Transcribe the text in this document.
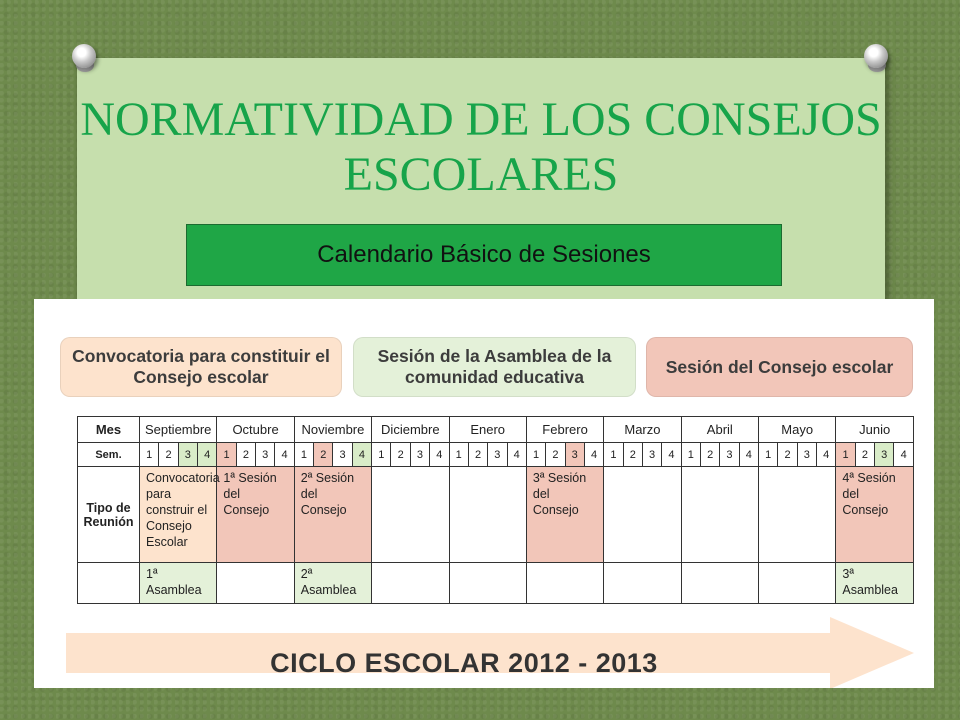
NORMATIVIDAD DE LOS CONSEJOS ESCOLARES
Calendario Básico de Sesiones
Convocatoria para constituir el Consejo escolar
Sesión de la Asamblea de la comunidad educativa
Sesión del Consejo escolar
Mes	Septiembre				Octubre				Noviembre				Diciembre				Enero				Febrero				Marzo				Abril				Mayo				Junio			
Sem.	1	2	3	4	1	2	3	4	1	2	3	4	1	2	3	4	1	2	3	4	1	2	3	4	1	2	3	4	1	2	3	4	1	2	3	4	1	2	3	4
Tipo de Reunión	Convocatoria para construir el Consejo Escolar				1ª Sesión del Consejo				2ª Sesión del Consejo												3ª Sesión del Consejo																4ª Sesión del Consejo			

	1ª Asamblea								2ª Asamblea																												3ª Asamblea			
CICLO ESCOLAR 2012 - 2013
